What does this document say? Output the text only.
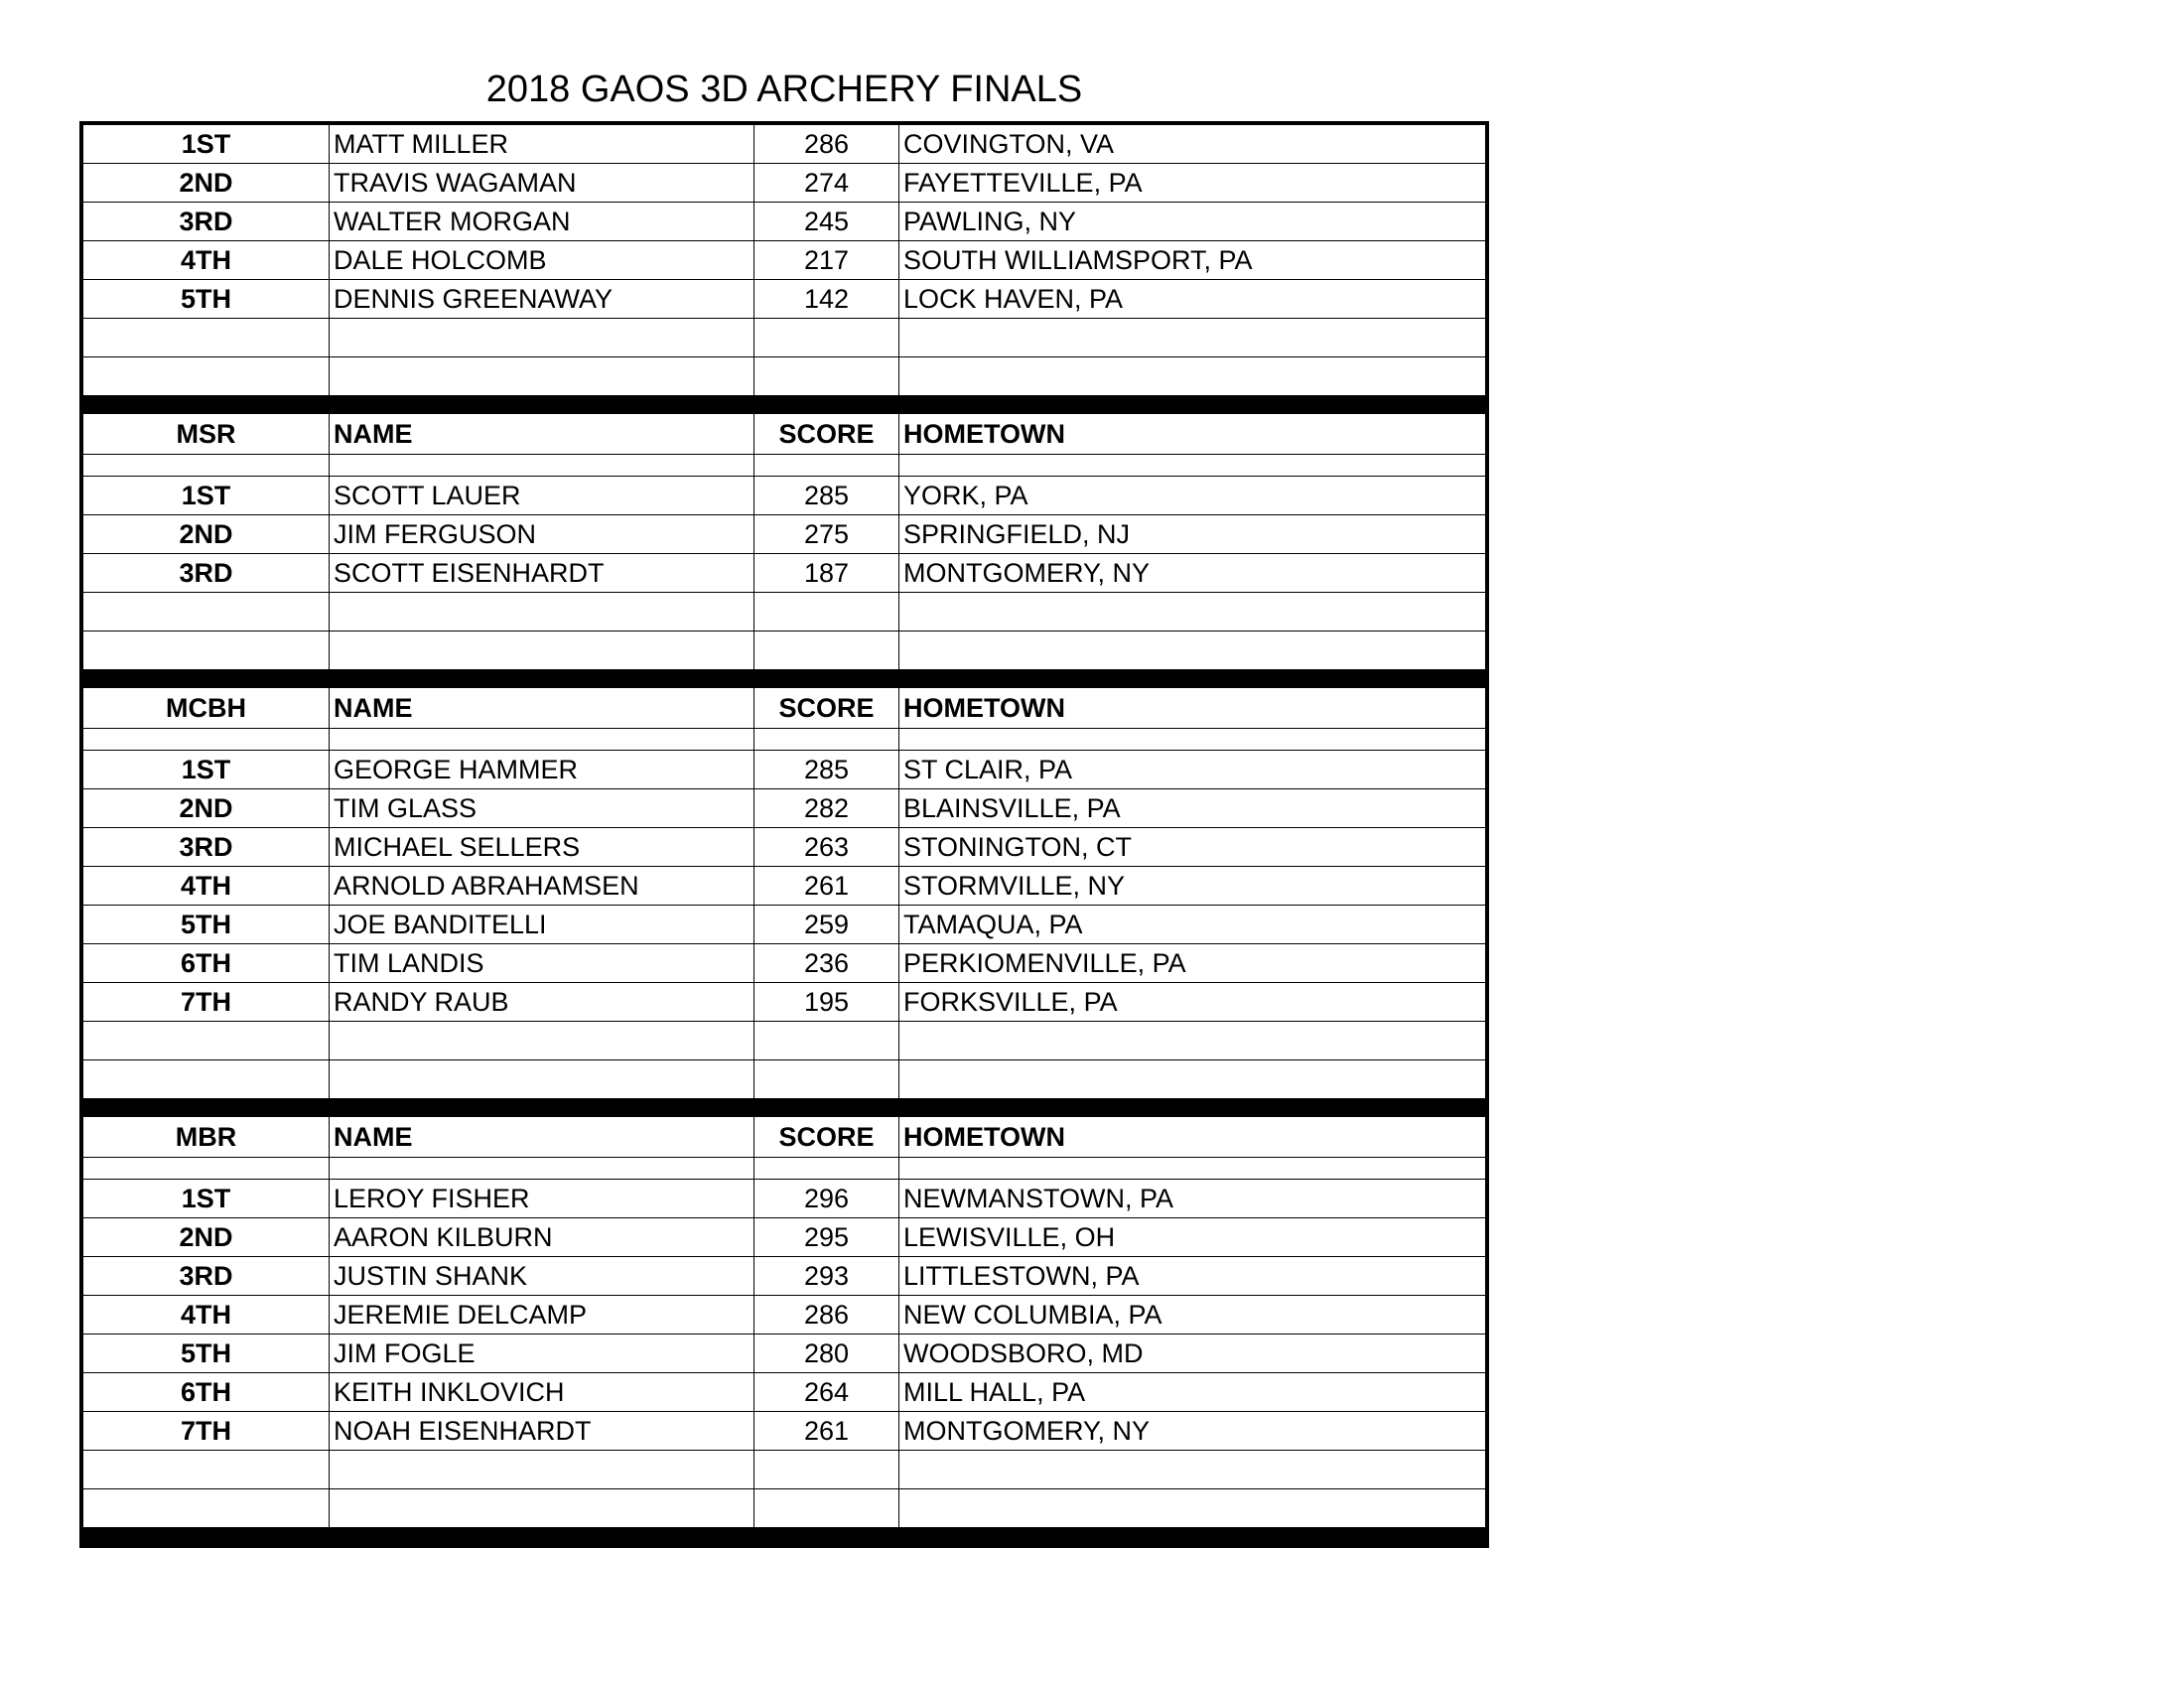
2018 GAOS 3D ARCHERY FINALS
1ST	MATT MILLER	286	COVINGTON, VA
2ND	TRAVIS WAGAMAN	274	FAYETTEVILLE, PA
3RD	WALTER MORGAN	245	PAWLING, NY
4TH	DALE HOLCOMB	217	SOUTH WILLIAMSPORT, PA
5TH	DENNIS GREENAWAY	142	LOCK HAVEN, PA
MSR	NAME	SCORE	HOMETOWN
1ST	SCOTT LAUER	285	YORK, PA
2ND	JIM FERGUSON	275	SPRINGFIELD, NJ
3RD	SCOTT EISENHARDT	187	MONTGOMERY, NY
MCBH	NAME	SCORE	HOMETOWN
1ST	GEORGE HAMMER	285	ST CLAIR, PA
2ND	TIM GLASS	282	BLAINSVILLE, PA
3RD	MICHAEL SELLERS	263	STONINGTON, CT
4TH	ARNOLD ABRAHAMSEN	261	STORMVILLE, NY
5TH	JOE BANDITELLI	259	TAMAQUA, PA
6TH	TIM LANDIS	236	PERKIOMENVILLE, PA
7TH	RANDY RAUB	195	FORKSVILLE, PA
MBR	NAME	SCORE	HOMETOWN
1ST	LEROY FISHER	296	NEWMANSTOWN, PA
2ND	AARON KILBURN	295	LEWISVILLE, OH
3RD	JUSTIN SHANK	293	LITTLESTOWN, PA
4TH	JEREMIE DELCAMP	286	NEW COLUMBIA, PA
5TH	JIM FOGLE	280	WOODSBORO, MD
6TH	KEITH INKLOVICH	264	MILL HALL, PA
7TH	NOAH EISENHARDT	261	MONTGOMERY, NY
